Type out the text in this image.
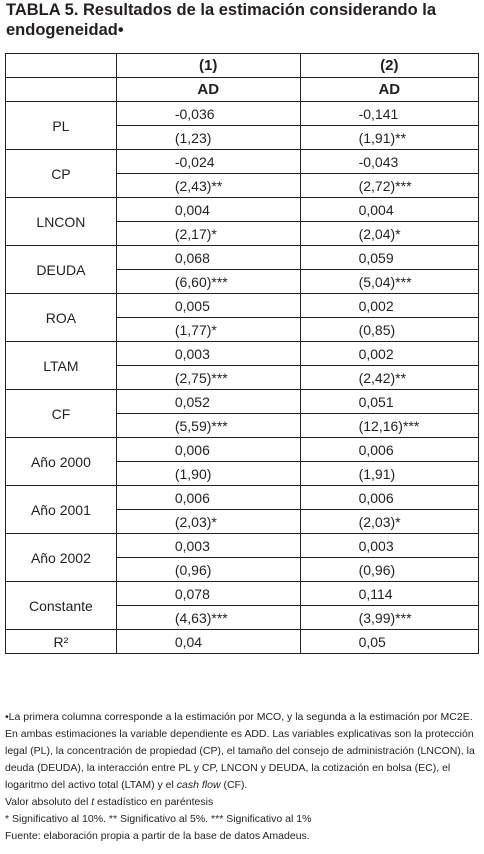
TABLA 5. Resultados de la estimación considerando la endogeneidad•
	(1)	(2)
	AD	AD
PL	-0,036	-0,141
	(1,23)	(1,91)**
CP	-0,024	-0,043
	(2,43)**	(2,72)***
LNCON	0,004	0,004
	(2,17)*	(2,04)*
DEUDA	0,068	0,059
	(6,60)***	(5,04)***
ROA	0,005	0,002
	(1,77)*	(0,85)
LTAM	0,003	0,002
	(2,75)***	(2,42)**
CF	0,052	0,051
	(5,59)***	(12,16)***
Año 2000	0,006	0,006
	(1,90)	(1,91)
Año 2001	0,006	0,006
	(2,03)*	(2,03)*
Año 2002	0,003	0,003
	(0,96)	(0,96)
Constante	0,078	0,114
	(4,63)***	(3,99)***
R²	0,04	0,05

•La primera columna corresponde a la estimación por MCO, y la segunda a la estimación por MC2E. En ambas estimaciones la variable dependiente es ADD. Las variables explicativas son la protección legal (PL), la concentración de propiedad (CP), el tamaño del consejo de administración (LNCON), la deuda (DEUDA), la interacción entre PL y CP, LNCON y DEUDA, la cotización en bolsa (EC), el logaritmo del activo total (LTAM) y el cash flow (CF).

Valor absoluto del t estadístico en paréntesis

* Significativo al 10%. ** Significativo al 5%. *** Significativo al 1%

Fuente: elaboración propia a partir de la base de datos Amadeus.
